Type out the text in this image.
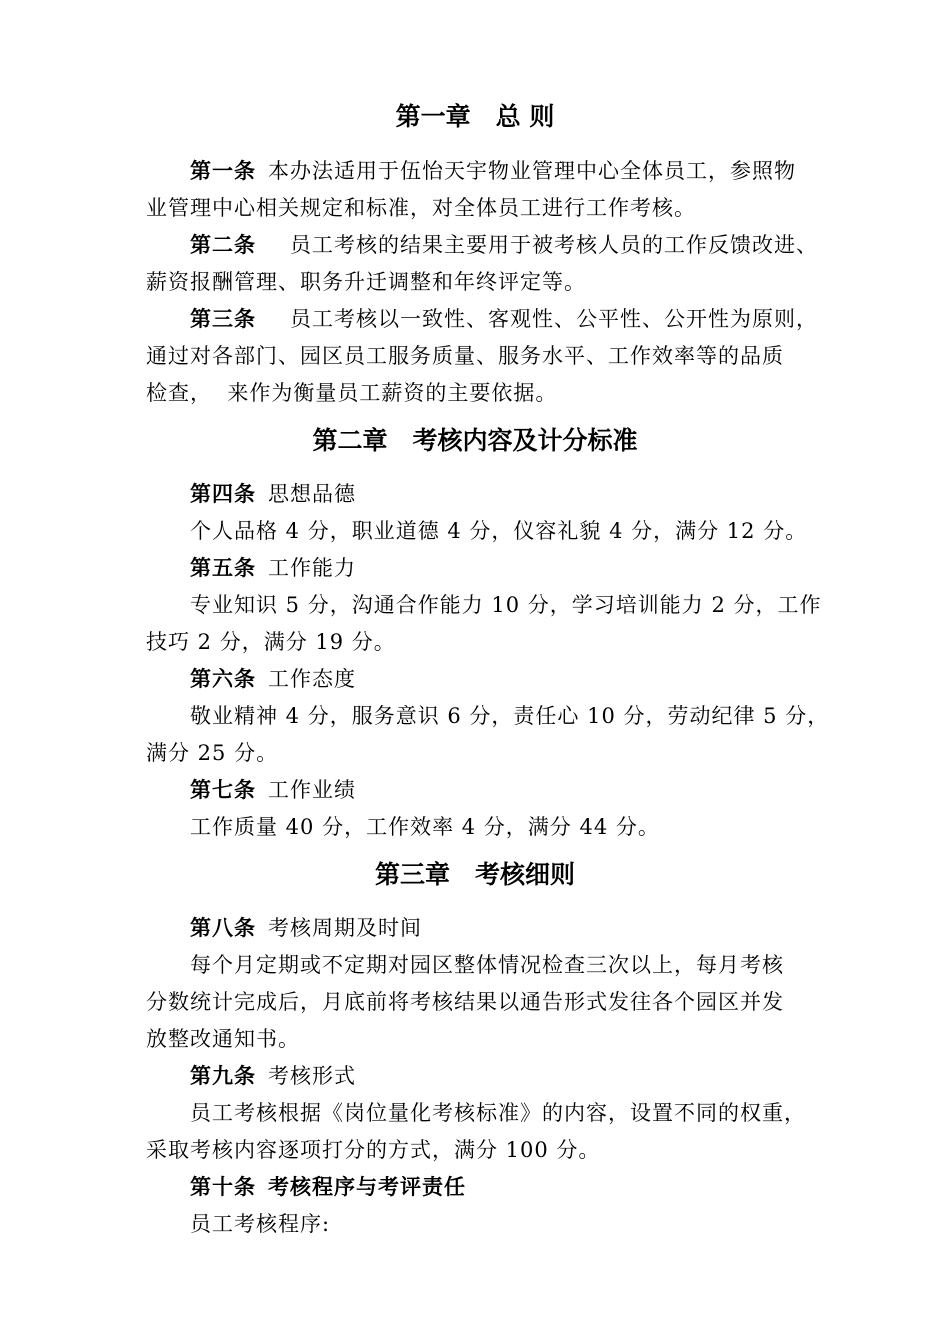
第一章　总 则
第一条 本办法适用于伍怡天宇物业管理中心全体员工，参照物
业管理中心相关规定和标准，对全体员工进行工作考核。
第二条 员工考核的结果主要用于被考核人员的工作反馈改进、
薪资报酬管理、职务升迁调整和年终评定等。
第三条 员工考核以一致性、客观性、公平性、公开性为原则，
通过对各部门、园区员工服务质量、服务水平、工作效率等的品质
检查，  来作为衡量员工薪资的主要依据。
第二章　考核内容及计分标准
第四条 思想品德
个人品格 4 分，职业道德 4 分，仪容礼貌 4 分，满分 12 分。
第五条 工作能力
专业知识 5 分，沟通合作能力 10 分，学习培训能力 2 分，工作
技巧 2 分，满分 19 分。
第六条 工作态度
敬业精神 4 分，服务意识 6 分，责任心 10 分，劳动纪律 5 分，
满分 25 分。
第七条 工作业绩
工作质量 40 分，工作效率 4 分，满分 44 分。
第三章　考核细则
第八条 考核周期及时间
每个月定期或不定期对园区整体情况检查三次以上，每月考核
分数统计完成后，月底前将考核结果以通告形式发往各个园区并发
放整改通知书。
第九条 考核形式
员工考核根据《岗位量化考核标准》的内容，设置不同的权重，
采取考核内容逐项打分的方式，满分 100 分。
第十条 考核程序与考评责任
员工考核程序:
